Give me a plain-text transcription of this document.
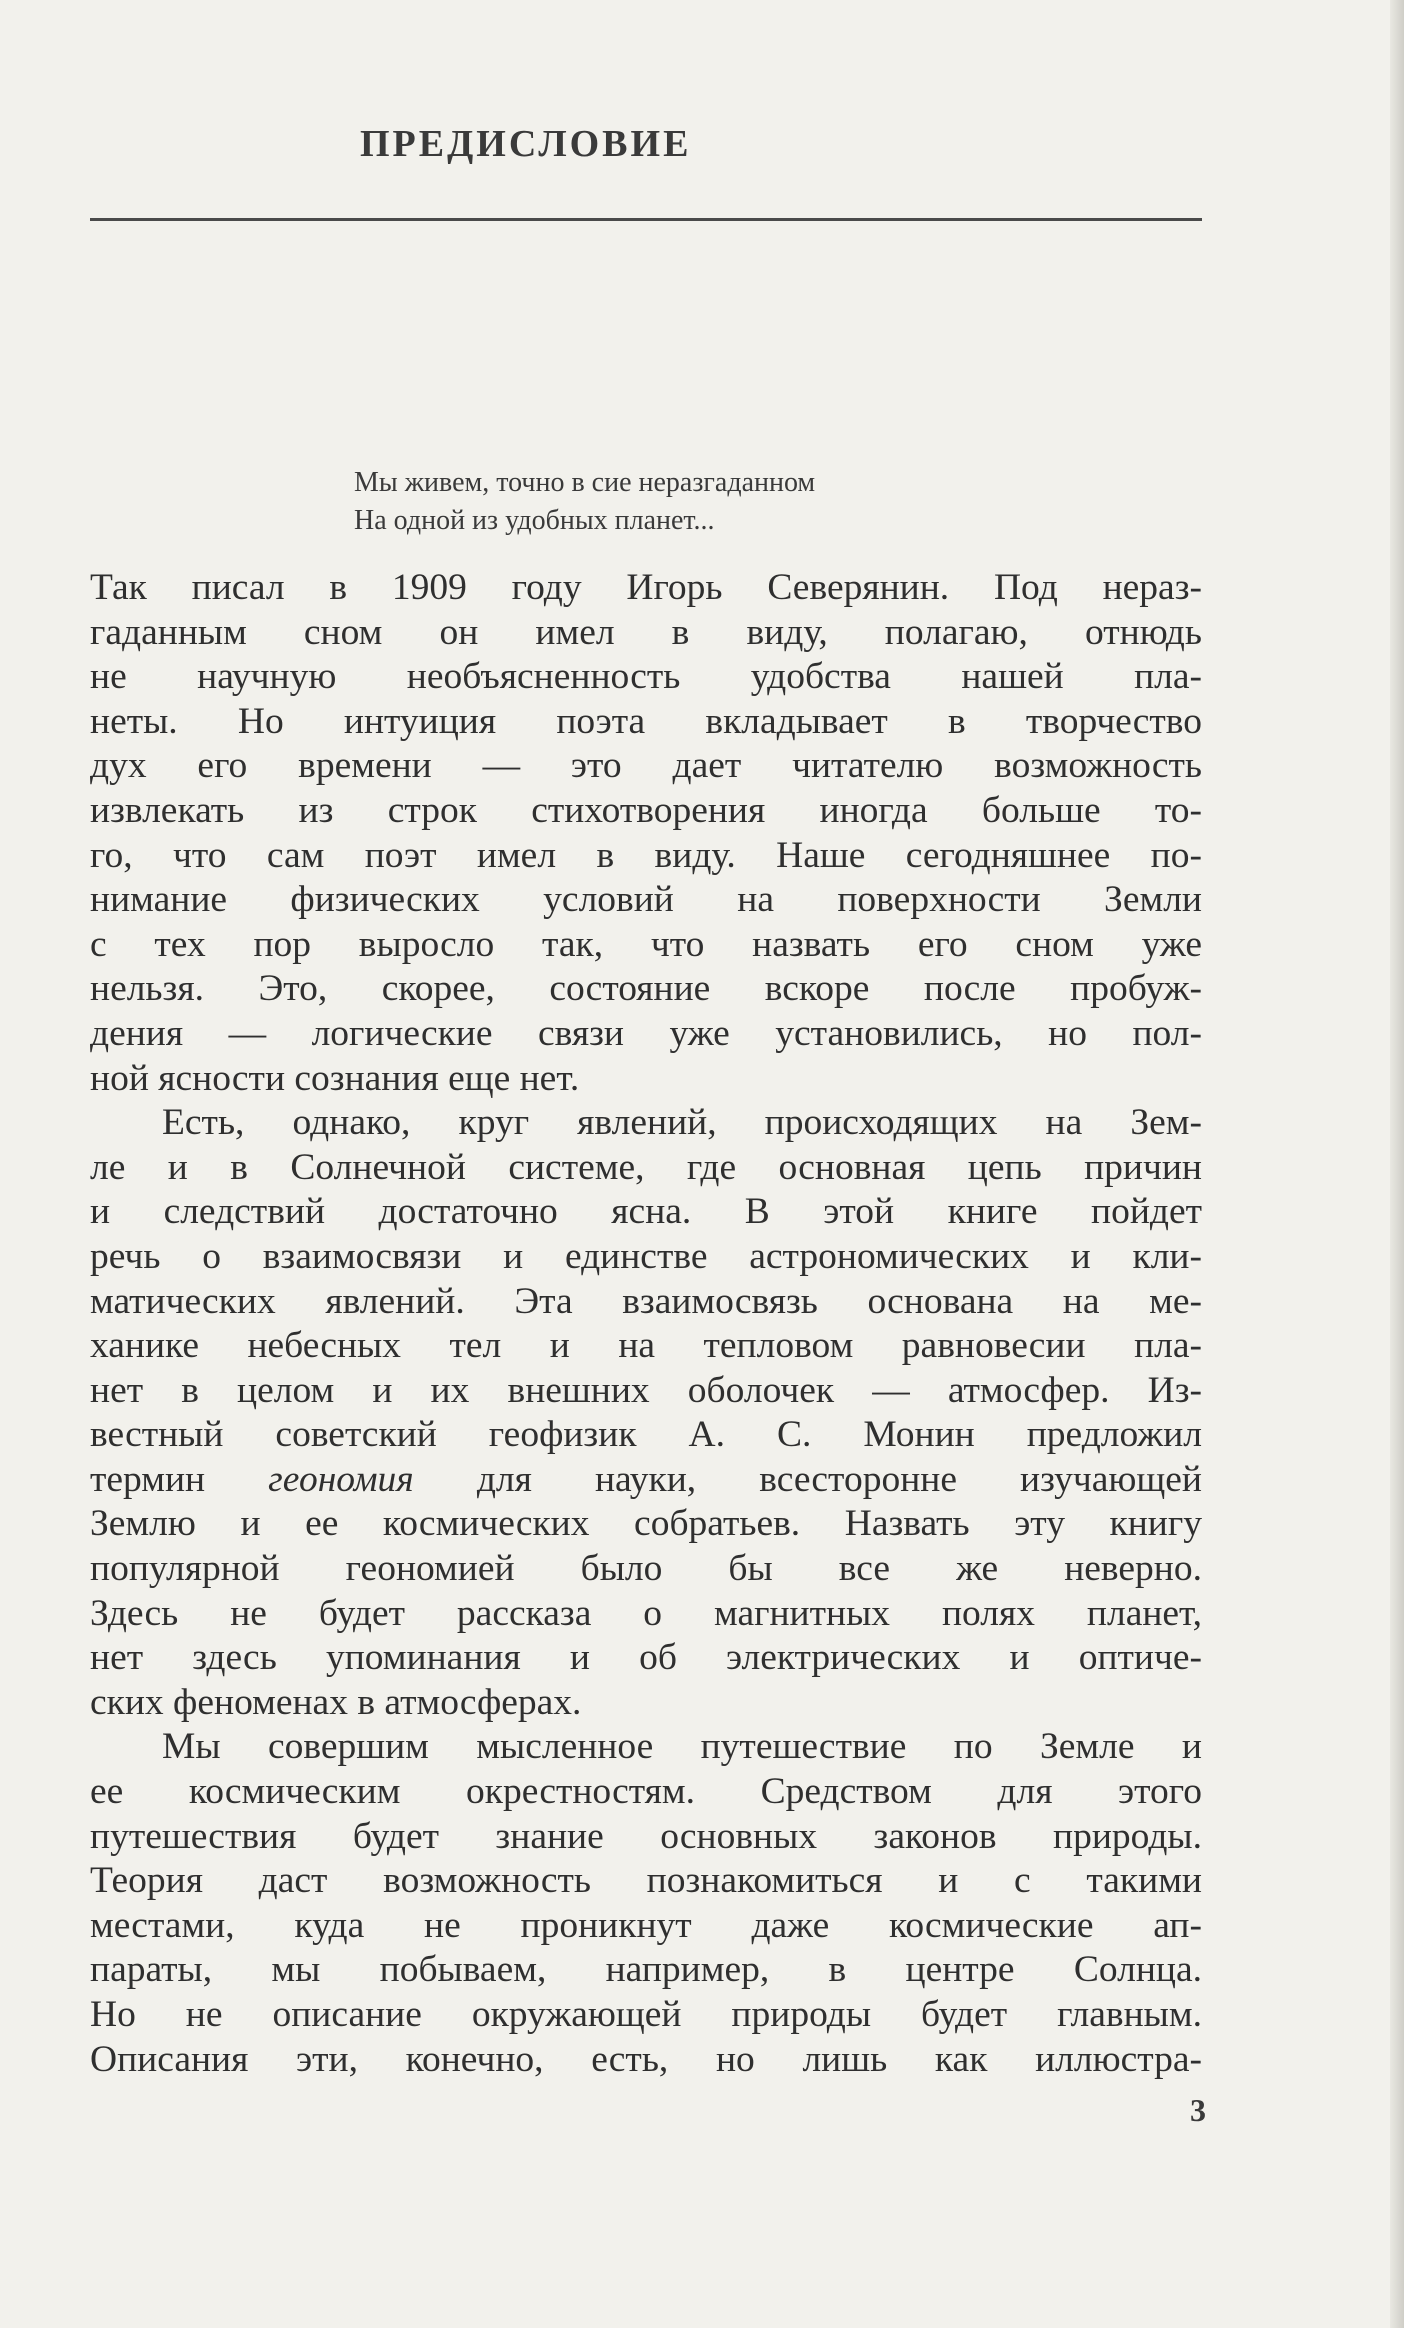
ПРЕДИСЛОВИЕ
Мы живем, точно в сие неразгаданном
На одной из удобных планет...
Так писал в 1909 году Игорь Северянин. Под нераз-
гаданным сном он имел в виду, полагаю, отнюдь
не научную необъясненность удобства нашей пла-
неты. Но интуиция поэта вкладывает в творчество
дух его времени — это дает читателю возможность
извлекать из строк стихотворения иногда больше то-
го, что сам поэт имел в виду. Наше сегодняшнее по-
нимание физических условий на поверхности Земли
с тех пор выросло так, что назвать его сном уже
нельзя. Это, скорее, состояние вскоре после пробуж-
дения — логические связи уже установились, но пол-
ной ясности сознания еще нет.
Есть, однако, круг явлений, происходящих на Зем-
ле и в Солнечной системе, где основная цепь причин
и следствий достаточно ясна. В этой книге пойдет
речь о взаимосвязи и единстве астрономических и кли-
матических явлений. Эта взаимосвязь основана на ме-
ханике небесных тел и на тепловом равновесии пла-
нет в целом и их внешних оболочек — атмосфер. Из-
вестный советский геофизик А. С. Монин предложил
термин геономия для науки, всесторонне изучающей
Землю и ее космических собратьев. Назвать эту книгу
популярной геономией было бы все же неверно.
Здесь не будет рассказа о магнитных полях планет,
нет здесь упоминания и об электрических и оптиче-
ских феноменах в атмосферах.
Мы совершим мысленное путешествие по Земле и
ее космическим окрестностям. Средством для этого
путешествия будет знание основных законов природы.
Теория даст возможность познакомиться и с такими
местами, куда не проникнут даже космические ап-
параты, мы побываем, например, в центре Солнца.
Но не описание окружающей природы будет главным.
Описания эти, конечно, есть, но лишь как иллюстра-
3
